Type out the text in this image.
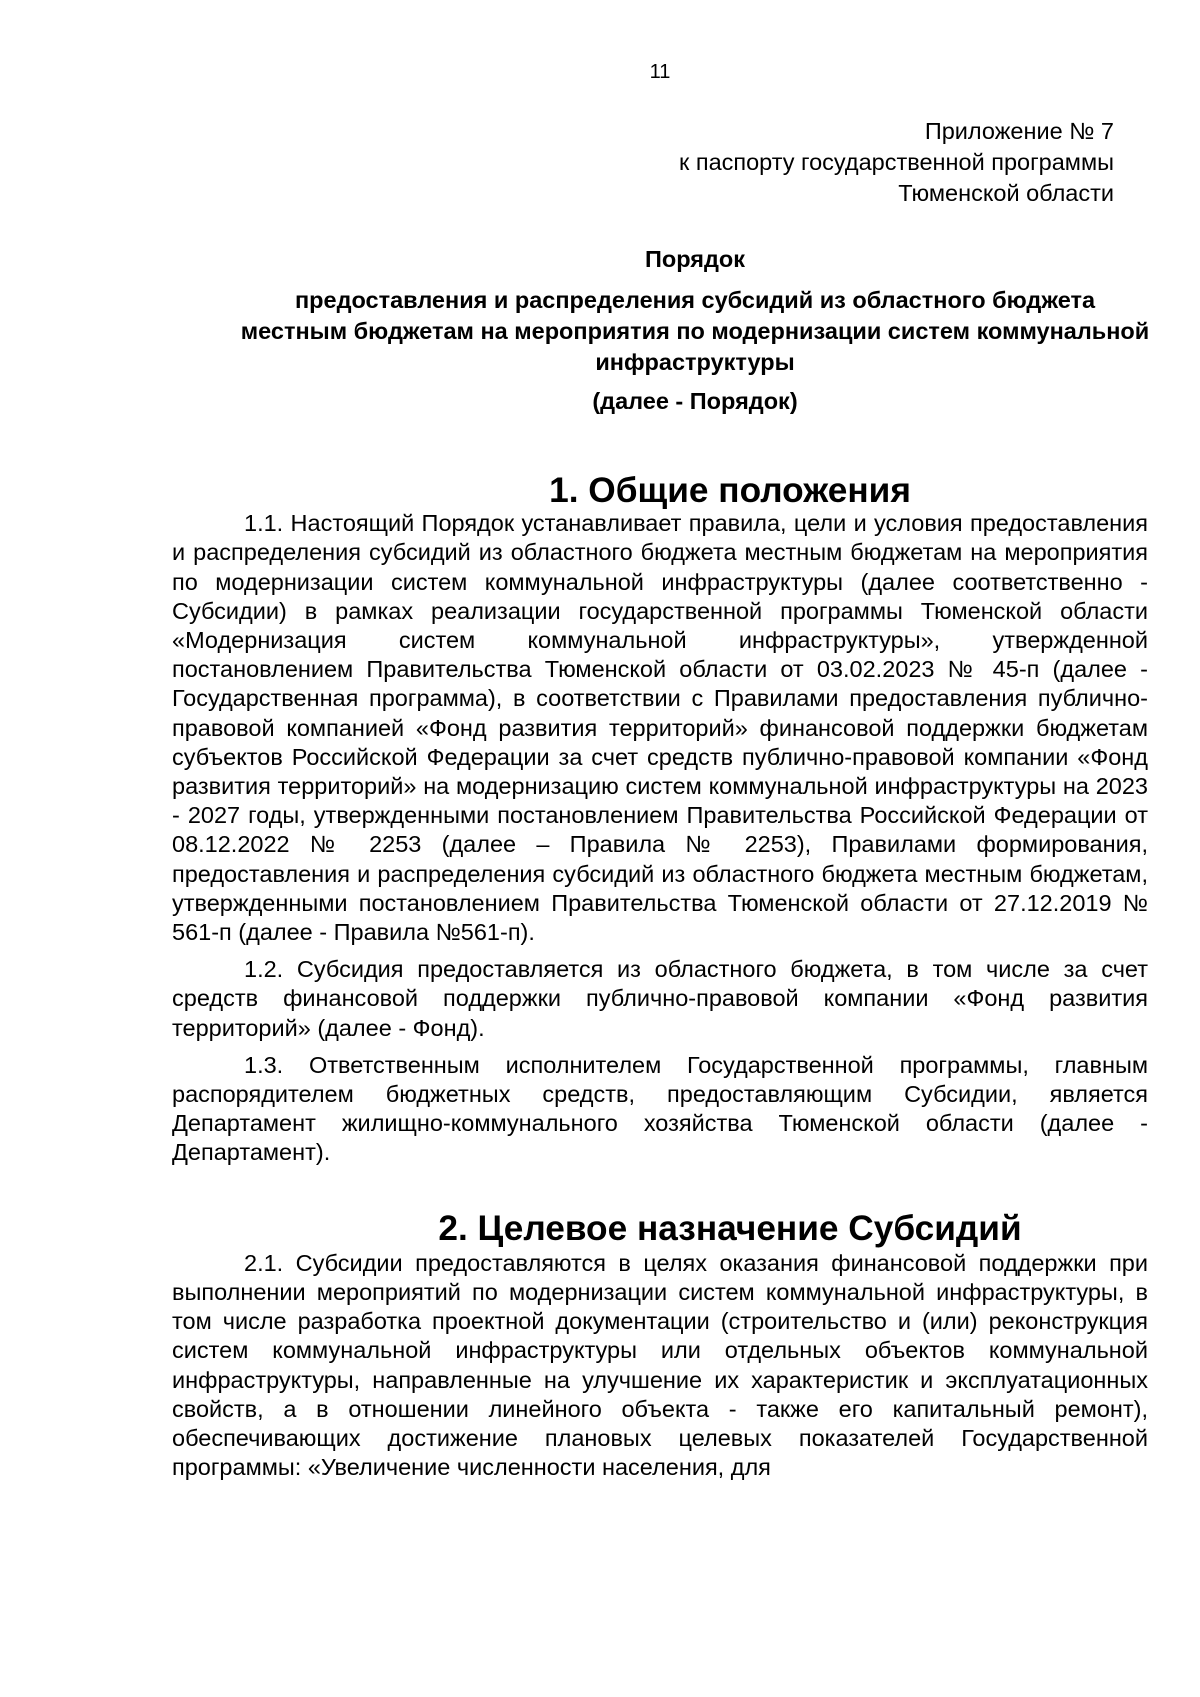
11
Приложение № 7
к паспорту государственной программы
Тюменской области

Порядок

предоставления и распределения субсидий из областного бюджета местным бюджетам на мероприятия по модернизации систем коммунальной инфраструктуры

(далее - Порядок)

1. Общие положения

1.1. Настоящий Порядок устанавливает правила, цели и условия предоставления и распределения субсидий из областного бюджета местным бюджетам на мероприятия по модернизации систем коммунальной инфраструктуры (далее соответственно - Субсидии) в рамках реализации государственной программы Тюменской области «Модернизация систем коммунальной инфраструктуры», утвержденной постановлением Правительства Тюменской области от 03.02.2023 № 45-п (далее - Государственная программа), в соответствии с Правилами предоставления публично-правовой компанией «Фонд развития территорий» финансовой поддержки бюджетам субъектов Российской Федерации за счет средств публично-правовой компании «Фонд развития территорий» на модернизацию систем коммунальной инфраструктуры на 2023 - 2027 годы, утвержденными постановлением Правительства Российской Федерации от 08.12.2022 № 2253 (далее – Правила № 2253), Правилами формирования, предоставления и распределения субсидий из областного бюджета местным бюджетам, утвержденными постановлением Правительства Тюменской области от 27.12.2019 № 561-п (далее - Правила №561-п).

1.2. Субсидия предоставляется из областного бюджета, в том числе за счет средств финансовой поддержки публично-правовой компании «Фонд развития территорий» (далее - Фонд).

1.3. Ответственным исполнителем Государственной программы, главным распорядителем бюджетных средств, предоставляющим Субсидии, является Департамент жилищно-коммунального хозяйства Тюменской области (далее - Департамент).

2. Целевое назначение Субсидий

2.1. Субсидии предоставляются в целях оказания финансовой поддержки при выполнении мероприятий по модернизации систем коммунальной инфраструктуры, в том числе разработка проектной документации (строительство и (или) реконструкция систем коммунальной инфраструктуры или отдельных объектов коммунальной инфраструктуры, направленные на улучшение их характеристик и эксплуатационных свойств, а в отношении линейного объекта - также его капитальный ремонт), обеспечивающих достижение плановых целевых показателей Государственной программы: «Увеличение численности населения, для
